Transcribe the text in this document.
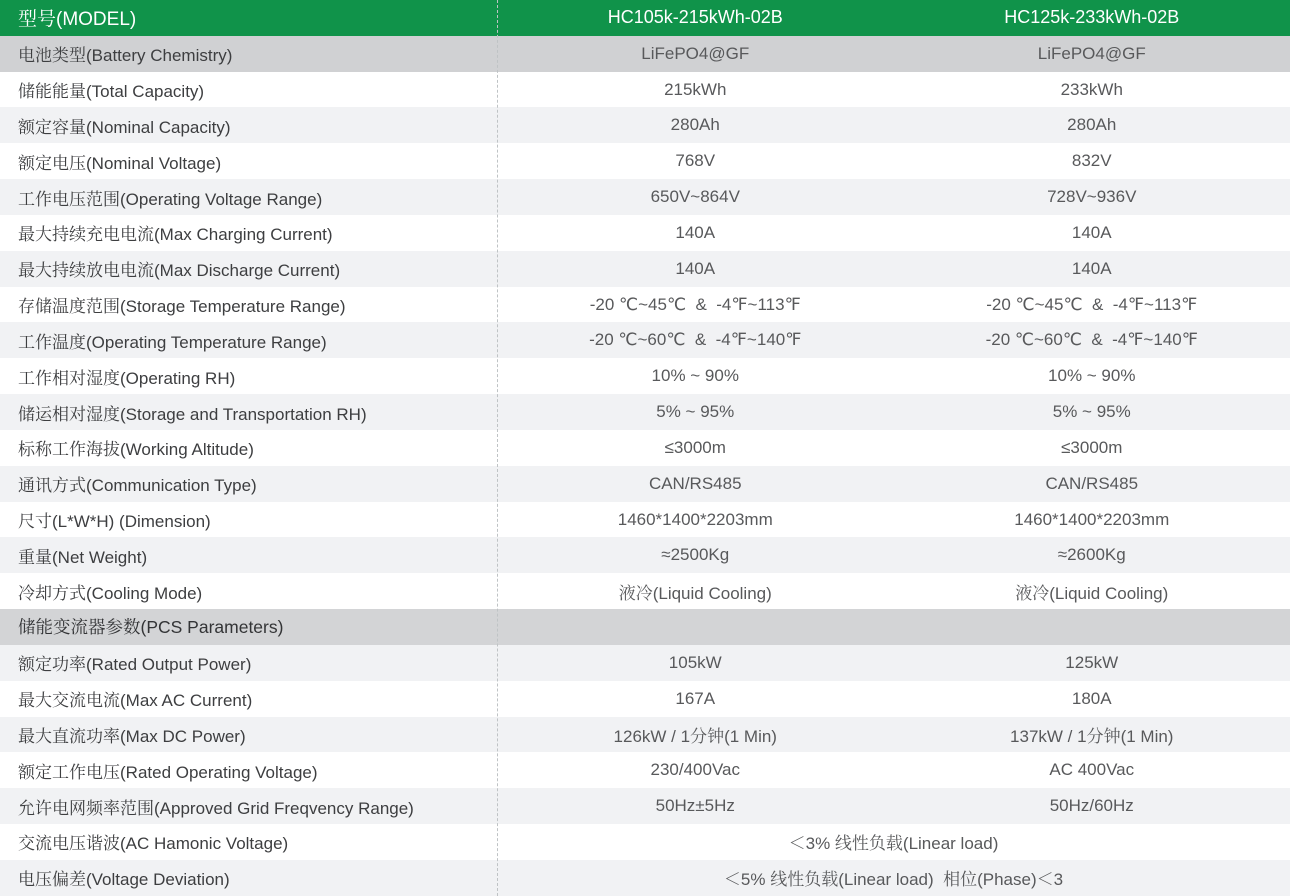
型号(MODEL)	HC105k-215kWh-02B	HC125k-233kWh-02B
电池类型(Battery Chemistry)	LiFePO4@GF	LiFePO4@GF
储能能量(Total Capacity)	215kWh	233kWh
额定容量(Nominal Capacity)	280Ah	280Ah
额定电压(Nominal Voltage)	768V	832V
工作电压范围(Operating Voltage Range)	650V~864V	728V~936V
最大持续充电电流(Max Charging Current)	140A	140A
最大持续放电电流(Max Discharge Current)	140A	140A
存储温度范围(Storage Temperature Range)	-20 ℃~45℃  &  -4℉~113℉	-20 ℃~45℃  &  -4℉~113℉
工作温度(Operating Temperature Range)	-20 ℃~60℃  &  -4℉~140℉	-20 ℃~60℃  &  -4℉~140℉
工作相对湿度(Operating RH)	10% ~ 90%	10% ~ 90%
储运相对湿度(Storage and Transportation RH)	5% ~ 95%	5% ~ 95%
标称工作海拔(Working Altitude)	≤3000m	≤3000m
通讯方式(Communication Type)	CAN/RS485	CAN/RS485
尺寸(L*W*H) (Dimension)	1460*1400*2203mm	1460*1400*2203mm
重量(Net Weight)	≈2500Kg	≈2600Kg
冷却方式(Cooling Mode)	液冷(Liquid Cooling)	液冷(Liquid Cooling)
储能变流器参数(PCS Parameters)
额定功率(Rated Output Power)	105kW	125kW
最大交流电流(Max AC Current)	167A	180A
最大直流功率(Max DC Power)	126kW / 1分钟(1 Min)	137kW / 1分钟(1 Min)
额定工作电压(Rated Operating Voltage)	230/400Vac	AC 400Vac
允许电网频率范围(Approved Grid Freqvency Range)	50Hz±5Hz	50Hz/60Hz
交流电压谐波(AC Hamonic Voltage)	＜3% 线性负载(Linear load)
电压偏差(Voltage Deviation)	＜5% 线性负载(Linear load)  相位(Phase)＜3
